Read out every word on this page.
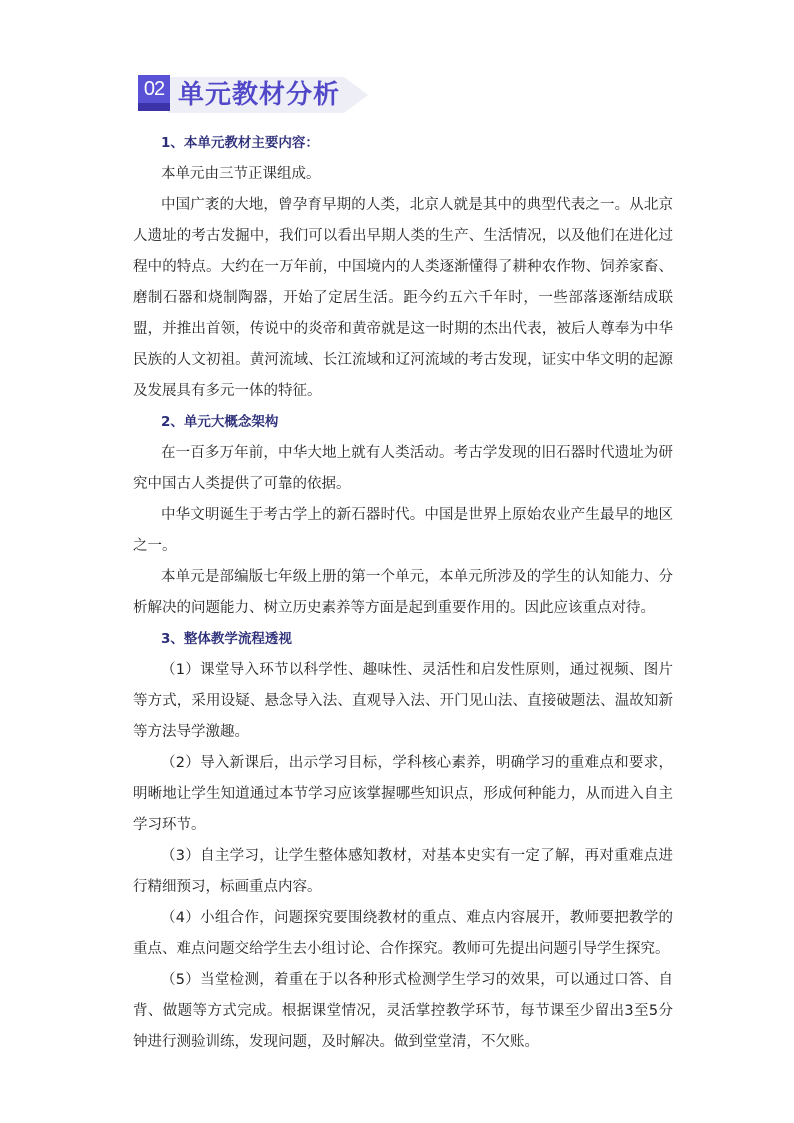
02 单元教材分析

1、本单元教材主要内容：

本单元由三节正课组成。

中国广袤的大地，曾孕育早期的人类，北京人就是其中的典型代表之一。从北京人遗址的考古发掘中，我们可以看出早期人类的生产、生活情况，以及他们在进化过程中的特点。大约在一万年前，中国境内的人类逐渐懂得了耕种农作物、饲养家畜、磨制石器和烧制陶器，开始了定居生活。距今约五六千年时，一些部落逐渐结成联盟，并推出首领，传说中的炎帝和黄帝就是这一时期的杰出代表，被后人尊奉为中华民族的人文初祖。黄河流域、长江流域和辽河流域的考古发现，证实中华文明的起源及发展具有多元一体的特征。

2、单元大概念架构

在一百多万年前，中华大地上就有人类活动。考古学发现的旧石器时代遗址为研究中国古人类提供了可靠的依据。

中华文明诞生于考古学上的新石器时代。中国是世界上原始农业产生最早的地区之一。

本单元是部编版七年级上册的第一个单元，本单元所涉及的学生的认知能力、分析解决的问题能力、树立历史素养等方面是起到重要作用的。因此应该重点对待。

3、整体教学流程透视

（1）课堂导入环节以科学性、趣味性、灵活性和启发性原则，通过视频、图片等方式，采用设疑、悬念导入法、直观导入法、开门见山法、直接破题法、温故知新等方法导学激趣。

（2）导入新课后，出示学习目标，学科核心素养，明确学习的重难点和要求，明晰地让学生知道通过本节学习应该掌握哪些知识点，形成何种能力，从而进入自主学习环节。

（3）自主学习，让学生整体感知教材，对基本史实有一定了解，再对重难点进行精细预习，标画重点内容。

（4）小组合作，问题探究要围绕教材的重点、难点内容展开，教师要把教学的重点、难点问题交给学生去小组讨论、合作探究。教师可先提出问题引导学生探究。

（5）当堂检测，着重在于以各种形式检测学生学习的效果，可以通过口答、自背、做题等方式完成。根据课堂情况，灵活掌控教学环节，每节课至少留出3至5分钟进行测验训练，发现问题，及时解决。做到堂堂清，不欠账。
